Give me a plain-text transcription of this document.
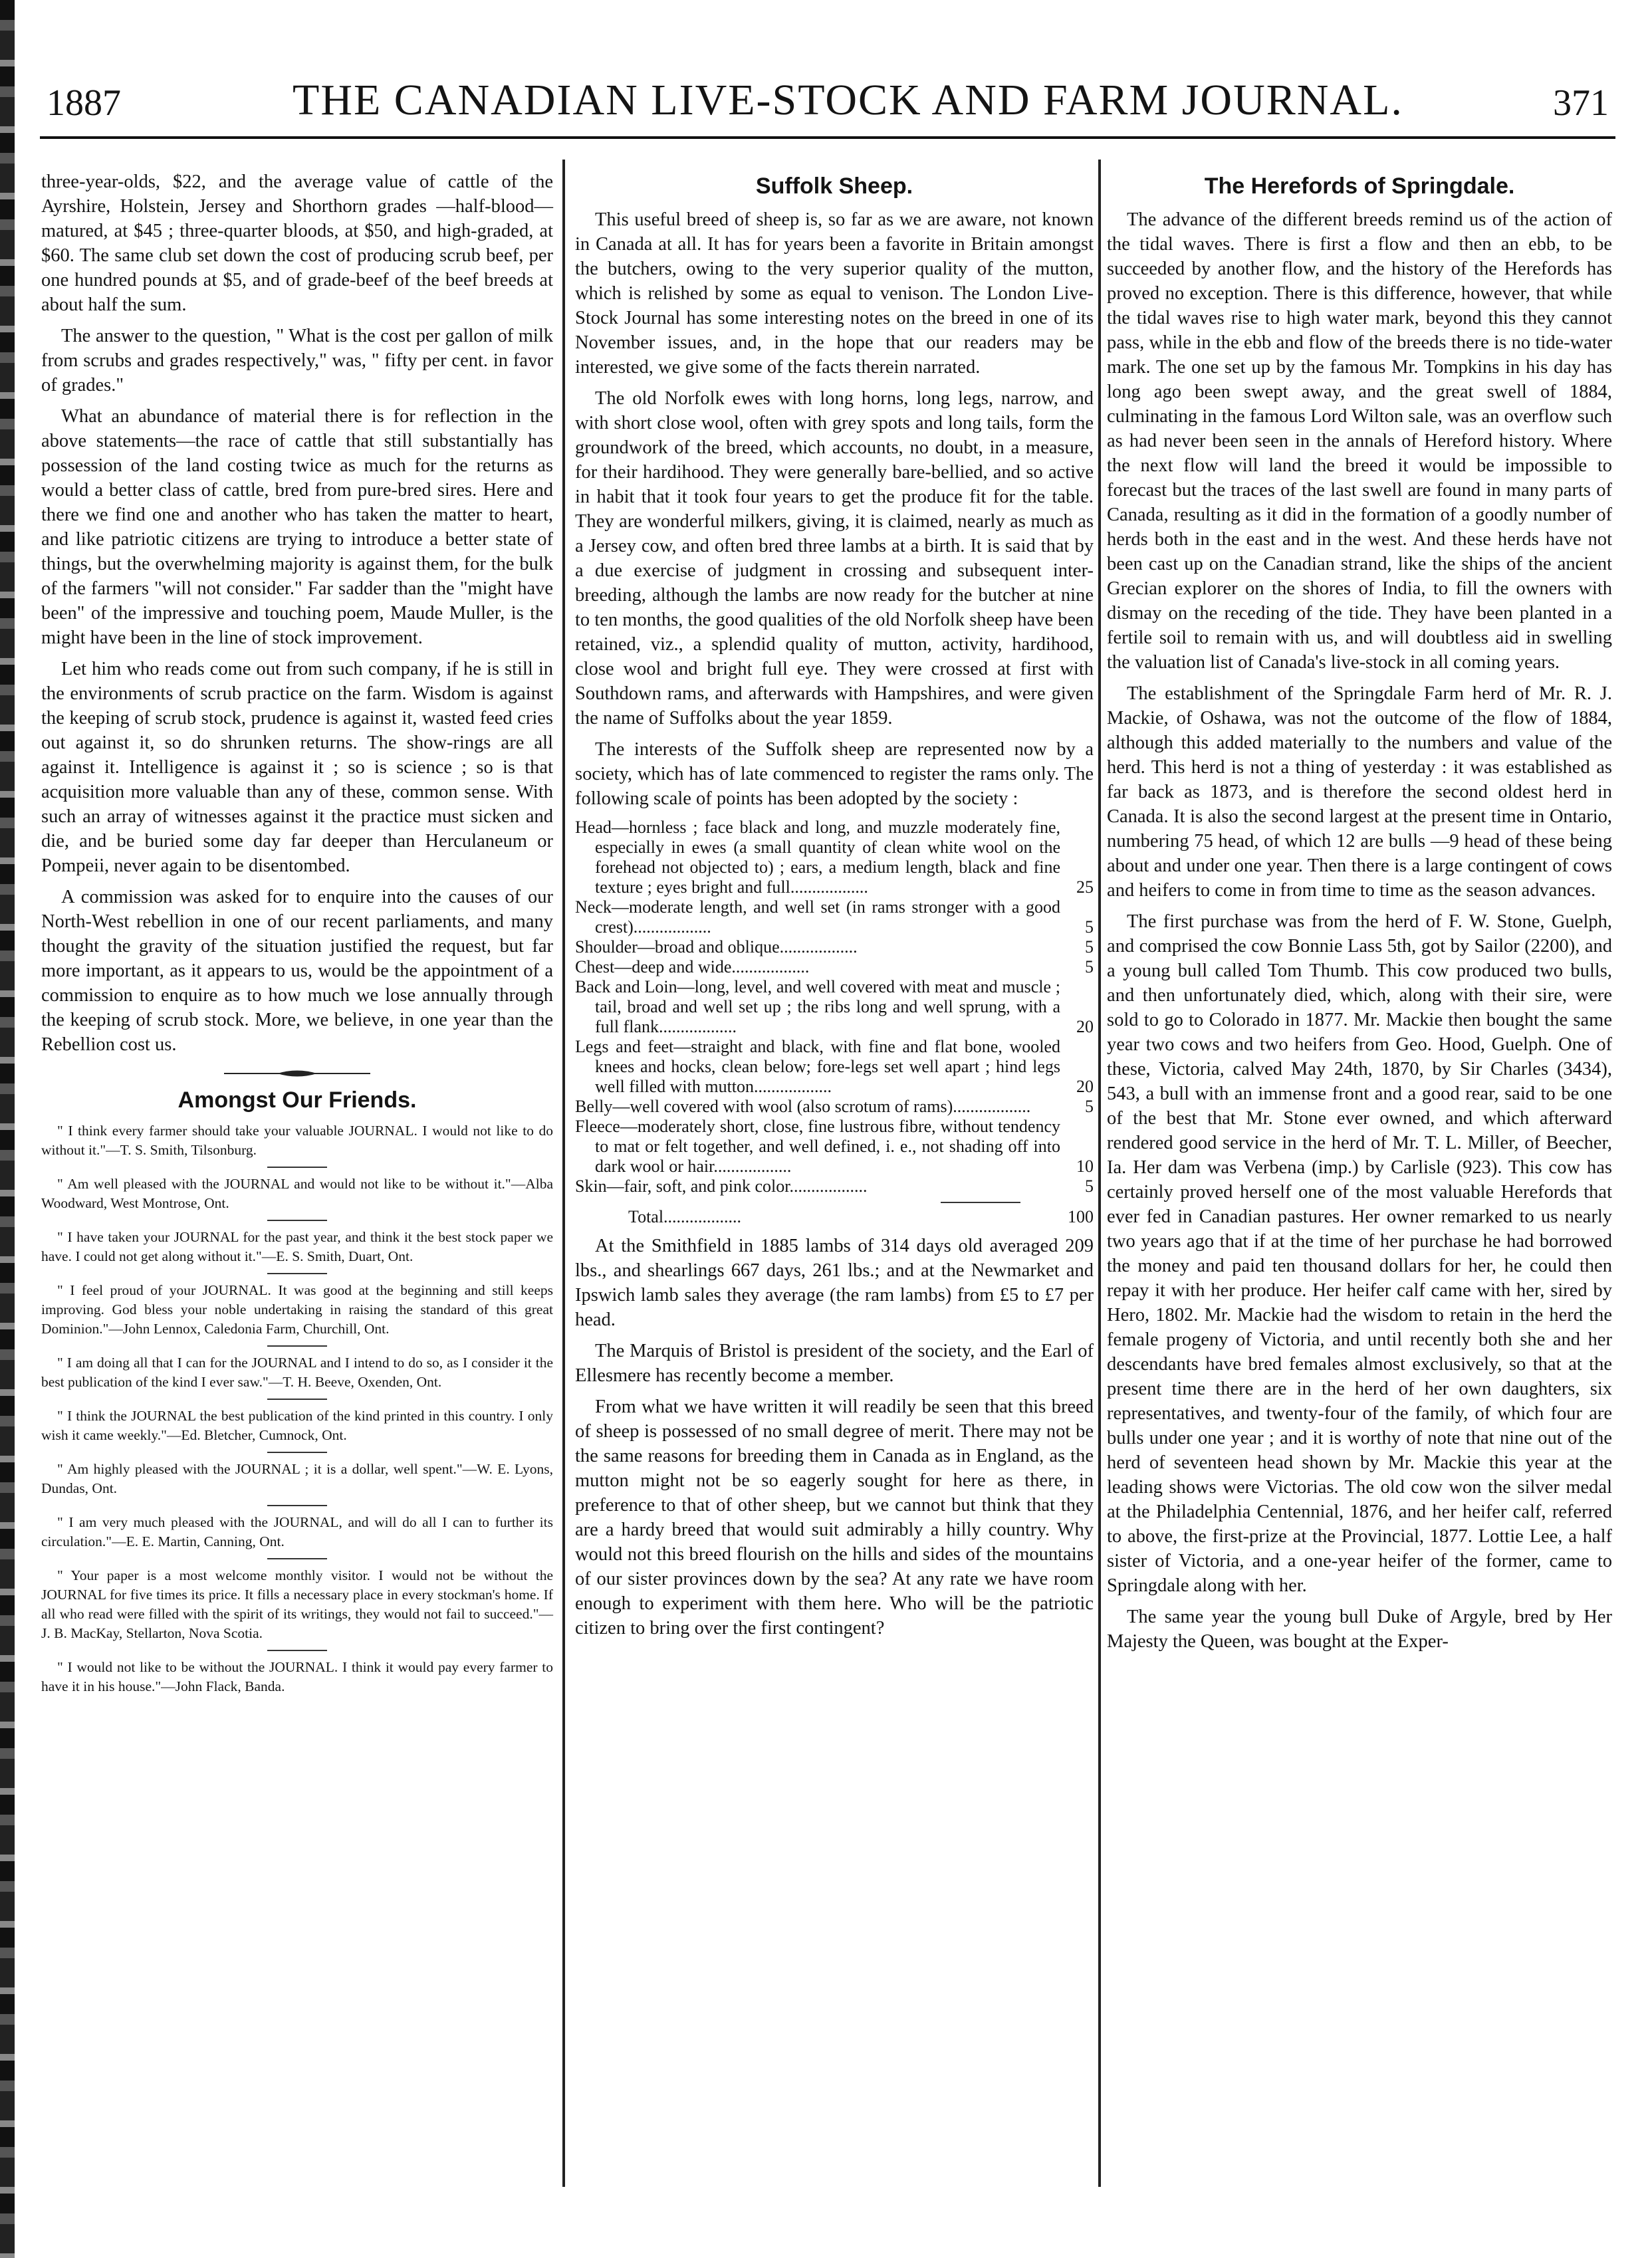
1887	THE CANADIAN LIVE-STOCK AND FARM JOURNAL.	371

three-year-olds, $22, and the average value of cattle of the Ayrshire, Holstein, Jersey and Shorthorn grades —half-blood—matured, at $45 ; three-quarter bloods, at $50, and high-graded, at $60. The same club set down the cost of producing scrub beef, per one hundred pounds at $5, and of grade-beef of the beef breeds at about half the sum.

The answer to the question, " What is the cost per gallon of milk from scrubs and grades respectively," was, " fifty per cent. in favor of grades."

What an abundance of material there is for reflection in the above statements—the race of cattle that still substantially has possession of the land costing twice as much for the returns as would a better class of cattle, bred from pure-bred sires. Here and there we find one and another who has taken the matter to heart, and like patriotic citizens are trying to introduce a better state of things, but the overwhelming majority is against them, for the bulk of the farmers "will not consider." Far sadder than the "might have been" of the impressive and touching poem, Maude Muller, is the might have been in the line of stock improvement.

Let him who reads come out from such company, if he is still in the environments of scrub practice on the farm. Wisdom is against the keeping of scrub stock, prudence is against it, wasted feed cries out against it, so do shrunken returns. The show-rings are all against it. Intelligence is against it ; so is science ; so is that acquisition more valuable than any of these, common sense. With such an array of witnesses against it the practice must sicken and die, and be buried some day far deeper than Herculaneum or Pompeii, never again to be disentombed.

A commission was asked for to enquire into the causes of our North-West rebellion in one of our recent parliaments, and many thought the gravity of the situation justified the request, but far more important, as it appears to us, would be the appointment of a commission to enquire as to how much we lose annually through the keeping of scrub stock. More, we believe, in one year than the Rebellion cost us.

Amongst Our Friends.

" I think every farmer should take your valuable JOURNAL. I would not like to do without it."—T. S. Smith, Tilsonburg.

" Am well pleased with the JOURNAL and would not like to be without it."—Alba Woodward, West Montrose, Ont.

" I have taken your JOURNAL for the past year, and think it the best stock paper we have. I could not get along without it."—E. S. Smith, Duart, Ont.

" I feel proud of your JOURNAL. It was good at the beginning and still keeps improving. God bless your noble undertaking in raising the standard of this great Dominion."—John Lennox, Caledonia Farm, Churchill, Ont.

" I am doing all that I can for the JOURNAL and I intend to do so, as I consider it the best publication of the kind I ever saw."—T. H. Beeve, Oxenden, Ont.

" I think the JOURNAL the best publication of the kind printed in this country. I only wish it came weekly."—Ed. Bletcher, Cumnock, Ont.

" Am highly pleased with the JOURNAL ; it is a dollar, well spent."—W. E. Lyons, Dundas, Ont.

" I am very much pleased with the JOURNAL, and will do all I can to further its circulation."—E. E. Martin, Canning, Ont.

" Your paper is a most welcome monthly visitor. I would not be without the JOURNAL for five times its price. It fills a necessary place in every stockman's home. If all who read were filled with the spirit of its writings, they would not fail to succeed."—J. B. MacKay, Stellarton, Nova Scotia.

" I would not like to be without the JOURNAL. I think it would pay every farmer to have it in his house."—John Flack, Banda.

Suffolk Sheep.

This useful breed of sheep is, so far as we are aware, not known in Canada at all. It has for years been a favorite in Britain amongst the butchers, owing to the very superior quality of the mutton, which is relished by some as equal to venison. The London Live-Stock Journal has some interesting notes on the breed in one of its November issues, and, in the hope that our readers may be interested, we give some of the facts therein narrated.

The old Norfolk ewes with long horns, long legs, narrow, and with short close wool, often with grey spots and long tails, form the groundwork of the breed, which accounts, no doubt, in a measure, for their hardihood. They were generally bare-bellied, and so active in habit that it took four years to get the produce fit for the table. They are wonderful milkers, giving, it is claimed, nearly as much as a Jersey cow, and often bred three lambs at a birth. It is said that by a due exercise of judgment in crossing and subsequent inter-breeding, although the lambs are now ready for the butcher at nine to ten months, the good qualities of the old Norfolk sheep have been retained, viz., a splendid quality of mutton, activity, hardihood, close wool and bright full eye. They were crossed at first with Southdown rams, and afterwards with Hampshires, and were given the name of Suffolks about the year 1859.

The interests of the Suffolk sheep are represented now by a society, which has of late commenced to register the rams only. The following scale of points has been adopted by the society :

Head—hornless ; face black and long, and muzzle moderately fine, especially in ewes (a small quantity of clean white wool on the forehead not objected to) ; ears, a medium length, black and fine texture ; eyes bright and full..................	25
Neck—moderate length, and well set (in rams stronger with a good crest)..................	5
Shoulder—broad and oblique..................	5
Chest—deep and wide..................	5
Back and Loin—long, level, and well covered with meat and muscle ; tail, broad and well set up ; the ribs long and well sprung, with a full flank..................	20
Legs and feet—straight and black, with fine and flat bone, wooled knees and hocks, clean below; fore-legs set well apart ; hind legs well filled with mutton..................	20
Belly—well covered with wool (also scrotum of rams)..................	5
Fleece—moderately short, close, fine lustrous fibre, without tendency to mat or felt together, and well defined, i. e., not shading off into dark wool or hair..................	10
Skin—fair, soft, and pink color..................	5
Total..................	100

At the Smithfield in 1885 lambs of 314 days old averaged 209 lbs., and shearlings 667 days, 261 lbs.; and at the Newmarket and Ipswich lamb sales they average (the ram lambs) from £5 to £7 per head.

The Marquis of Bristol is president of the society, and the Earl of Ellesmere has recently become a member.

From what we have written it will readily be seen that this breed of sheep is possessed of no small degree of merit. There may not be the same reasons for breeding them in Canada as in England, as the mutton might not be so eagerly sought for here as there, in preference to that of other sheep, but we cannot but think that they are a hardy breed that would suit admirably a hilly country. Why would not this breed flourish on the hills and sides of the mountains of our sister provinces down by the sea? At any rate we have room enough to experiment with them here. Who will be the patriotic citizen to bring over the first contingent?

The Herefords of Springdale.

The advance of the different breeds remind us of the action of the tidal waves. There is first a flow and then an ebb, to be succeeded by another flow, and the history of the Herefords has proved no exception. There is this difference, however, that while the tidal waves rise to high water mark, beyond this they cannot pass, while in the ebb and flow of the breeds there is no tide-water mark. The one set up by the famous Mr. Tompkins in his day has long ago been swept away, and the great swell of 1884, culminating in the famous Lord Wilton sale, was an overflow such as had never been seen in the annals of Hereford history. Where the next flow will land the breed it would be impossible to forecast but the traces of the last swell are found in many parts of Canada, resulting as it did in the formation of a goodly number of herds both in the east and in the west. And these herds have not been cast up on the Canadian strand, like the ships of the ancient Grecian explorer on the shores of India, to fill the owners with dismay on the receding of the tide. They have been planted in a fertile soil to remain with us, and will doubtless aid in swelling the valuation list of Canada's live-stock in all coming years.

The establishment of the Springdale Farm herd of Mr. R. J. Mackie, of Oshawa, was not the outcome of the flow of 1884, although this added materially to the numbers and value of the herd. This herd is not a thing of yesterday : it was established as far back as 1873, and is therefore the second oldest herd in Canada. It is also the second largest at the present time in Ontario, numbering 75 head, of which 12 are bulls —9 head of these being about and under one year. Then there is a large contingent of cows and heifers to come in from time to time as the season advances.

The first purchase was from the herd of F. W. Stone, Guelph, and comprised the cow Bonnie Lass 5th, got by Sailor (2200), and a young bull called Tom Thumb. This cow produced two bulls, and then unfortunately died, which, along with their sire, were sold to go to Colorado in 1877. Mr. Mackie then bought the same year two cows and two heifers from Geo. Hood, Guelph. One of these, Victoria, calved May 24th, 1870, by Sir Charles (3434), 543, a bull with an immense front and a good rear, said to be one of the best that Mr. Stone ever owned, and which afterward rendered good service in the herd of Mr. T. L. Miller, of Beecher, Ia. Her dam was Verbena (imp.) by Carlisle (923). This cow has certainly proved herself one of the most valuable Herefords that ever fed in Canadian pastures. Her owner remarked to us nearly two years ago that if at the time of her purchase he had borrowed the money and paid ten thousand dollars for her, he could then repay it with her produce. Her heifer calf came with her, sired by Hero, 1802. Mr. Mackie had the wisdom to retain in the herd the female progeny of Victoria, and until recently both she and her descendants have bred females almost exclusively, so that at the present time there are in the herd of her own daughters, six representatives, and twenty-four of the family, of which four are bulls under one year ; and it is worthy of note that nine out of the herd of seventeen head shown by Mr. Mackie this year at the leading shows were Victorias. The old cow won the silver medal at the Philadelphia Centennial, 1876, and her heifer calf, referred to above, the first-prize at the Provincial, 1877. Lottie Lee, a half sister of Victoria, and a one-year heifer of the former, came to Springdale along with her.

The same year the young bull Duke of Argyle, bred by Her Majesty the Queen, was bought at the Exper-
